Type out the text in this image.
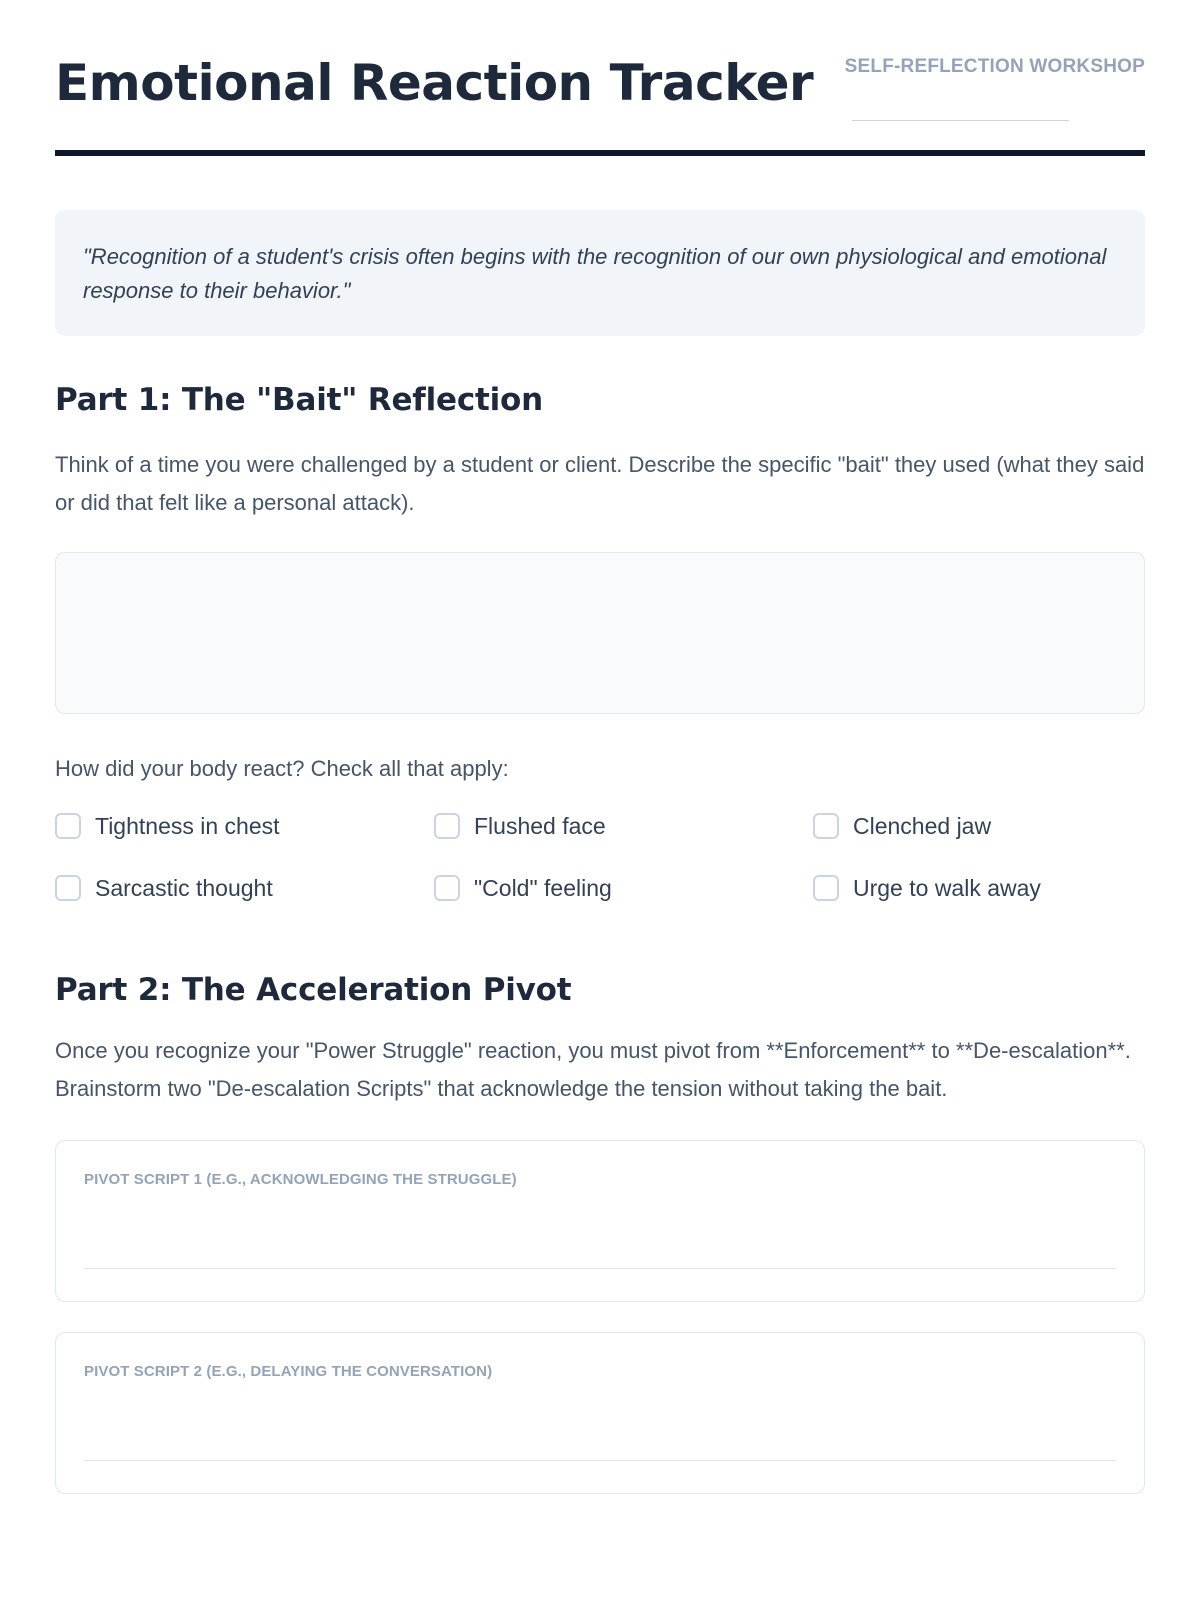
Emotional Reaction Tracker SELF-REFLECTION WORKSHOP
"Recognition of a student's crisis often begins with the recognition of our own physiological and emotional response to their behavior."
Part 1: The "Bait" Reflection

Think of a time you were challenged by a student or client. Describe the specific "bait" they used (what they said or did that felt like a personal attack).

How did your body react? Check all that apply:

Tightness in chest	Flushed face	Clenched jaw
Sarcastic thought	"Cold" feeling	Urge to walk away
Part 2: The Acceleration Pivot

Once you recognize your "Power Struggle" reaction, you must pivot from **Enforcement** to **De-escalation**. Brainstorm two "De-escalation Scripts" that acknowledge the tension without taking the bait.

PIVOT SCRIPT 1 (E.G., ACKNOWLEDGING THE STRUGGLE)
PIVOT SCRIPT 2 (E.G., DELAYING THE CONVERSATION)
